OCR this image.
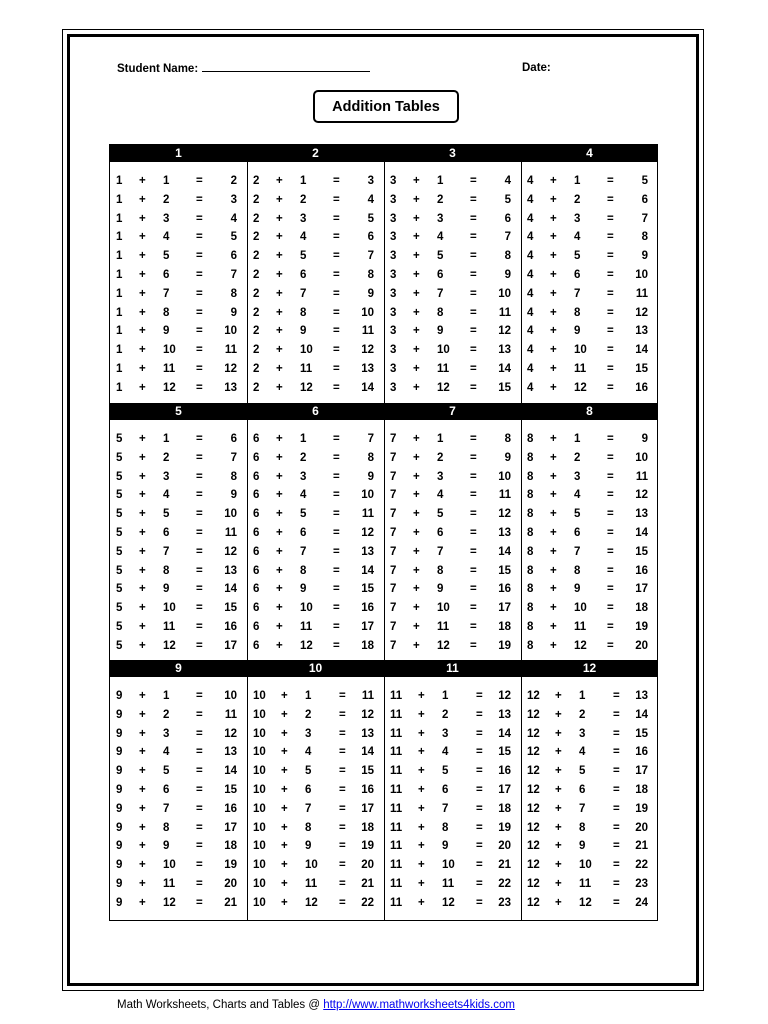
Student Name:	Date:
Addition Tables
1	2	3	4
1 + 1 = 2
1 + 2 = 3
1 + 3 = 4
1 + 4 = 5
1 + 5 = 6
1 + 6 = 7
1 + 7 = 8
1 + 8 = 9
1 + 9 = 10
1 + 10 = 11
1 + 11 = 12
1 + 12 = 13
2 + 1 = 3
2 + 2 = 4
2 + 3 = 5
2 + 4 = 6
2 + 5 = 7
2 + 6 = 8
2 + 7 = 9
2 + 8 = 10
2 + 9 = 11
2 + 10 = 12
2 + 11 = 13
2 + 12 = 14
3 + 1 = 4
3 + 2 = 5
3 + 3 = 6
3 + 4 = 7
3 + 5 = 8
3 + 6 = 9
3 + 7 = 10
3 + 8 = 11
3 + 9 = 12
3 + 10 = 13
3 + 11 = 14
3 + 12 = 15
4 + 1 = 5
4 + 2 = 6
4 + 3 = 7
4 + 4 = 8
4 + 5 = 9
4 + 6 = 10
4 + 7 = 11
4 + 8 = 12
4 + 9 = 13
4 + 10 = 14
4 + 11 = 15
4 + 12 = 16
5	6	7	8
5 + 1 = 6
5 + 2 = 7
5 + 3 = 8
5 + 4 = 9
5 + 5 = 10
5 + 6 = 11
5 + 7 = 12
5 + 8 = 13
5 + 9 = 14
5 + 10 = 15
5 + 11 = 16
5 + 12 = 17
6 + 1 = 7
6 + 2 = 8
6 + 3 = 9
6 + 4 = 10
6 + 5 = 11
6 + 6 = 12
6 + 7 = 13
6 + 8 = 14
6 + 9 = 15
6 + 10 = 16
6 + 11 = 17
6 + 12 = 18
7 + 1 = 8
7 + 2 = 9
7 + 3 = 10
7 + 4 = 11
7 + 5 = 12
7 + 6 = 13
7 + 7 = 14
7 + 8 = 15
7 + 9 = 16
7 + 10 = 17
7 + 11 = 18
7 + 12 = 19
8 + 1 = 9
8 + 2 = 10
8 + 3 = 11
8 + 4 = 12
8 + 5 = 13
8 + 6 = 14
8 + 7 = 15
8 + 8 = 16
8 + 9 = 17
8 + 10 = 18
8 + 11 = 19
8 + 12 = 20
9	10	11	12
9 + 1 = 10
9 + 2 = 11
9 + 3 = 12
9 + 4 = 13
9 + 5 = 14
9 + 6 = 15
9 + 7 = 16
9 + 8 = 17
9 + 9 = 18
9 + 10 = 19
9 + 11 = 20
9 + 12 = 21
10 + 1 = 11
10 + 2 = 12
10 + 3 = 13
10 + 4 = 14
10 + 5 = 15
10 + 6 = 16
10 + 7 = 17
10 + 8 = 18
10 + 9 = 19
10 + 10 = 20
10 + 11 = 21
10 + 12 = 22
11 + 1 = 12
11 + 2 = 13
11 + 3 = 14
11 + 4 = 15
11 + 5 = 16
11 + 6 = 17
11 + 7 = 18
11 + 8 = 19
11 + 9 = 20
11 + 10 = 21
11 + 11 = 22
11 + 12 = 23
12 + 1 = 13
12 + 2 = 14
12 + 3 = 15
12 + 4 = 16
12 + 5 = 17
12 + 6 = 18
12 + 7 = 19
12 + 8 = 20
12 + 9 = 21
12 + 10 = 22
12 + 11 = 23
12 + 12 = 24
Math Worksheets, Charts and Tables @ http://www.mathworksheets4kids.com
